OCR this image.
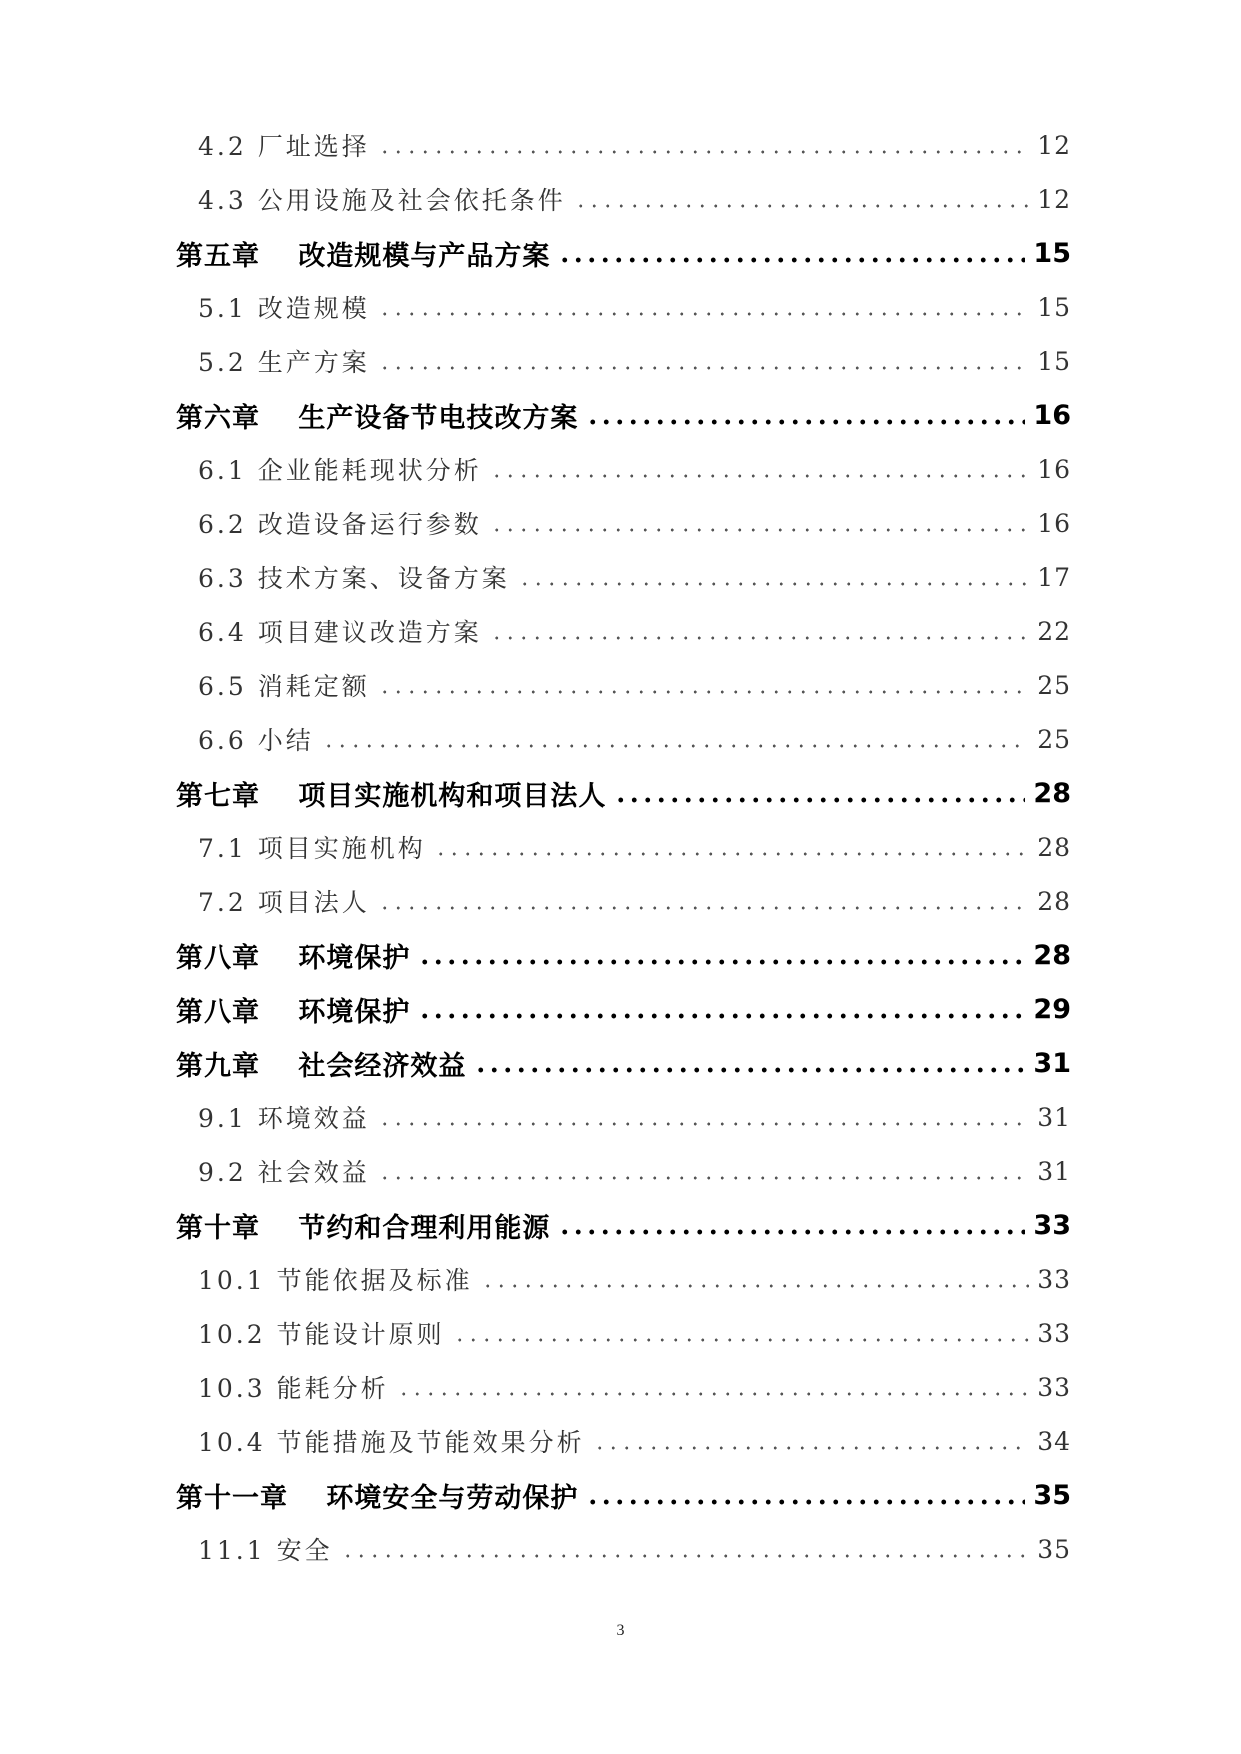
4.2 厂址选择	12
4.3 公用设施及社会依托条件	12
第五章　 改造规模与产品方案	15
5.1 改造规模	15
5.2 生产方案	15
第六章　 生产设备节电技改方案	16
6.1 企业能耗现状分析	16
6.2 改造设备运行参数	16
6.3 技术方案、设备方案	17
6.4 项目建议改造方案	22
6.5 消耗定额	25
6.6 小结	25
第七章　 项目实施机构和项目法人	28
7.1 项目实施机构	28
7.2 项目法人	28
第八章　 环境保护	28
第八章　 环境保护	29
第九章　 社会经济效益	31
9.1 环境效益	31
9.2 社会效益	31
第十章　 节约和合理利用能源	33
10.1 节能依据及标准	33
10.2 节能设计原则	33
10.3 能耗分析	33
10.4 节能措施及节能效果分析	34
第十一章　 环境安全与劳动保护	35
11.1 安全	35
3
